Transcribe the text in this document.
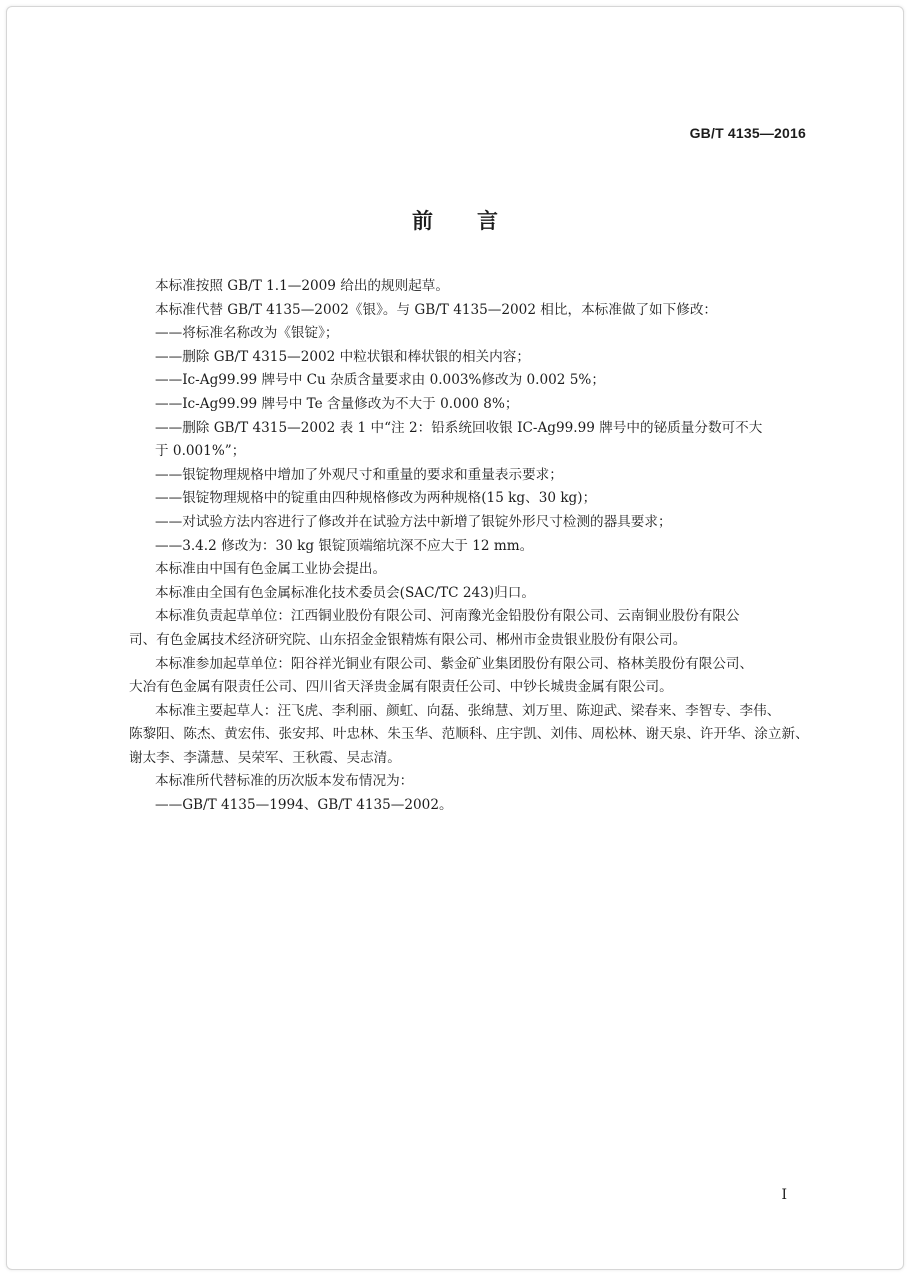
GB/T 4135—2016
前言
本标准按照 GB/T 1.1—2009 给出的规则起草。
本标准代替 GB/T 4135—2002《银》。与 GB/T 4135—2002 相比，本标准做了如下修改：
——将标准名称改为《银锭》；
——删除 GB/T 4315—2002 中粒状银和棒状银的相关内容；
——Ic-Ag99.99 牌号中 Cu 杂质含量要求由 0.003%修改为 0.002 5%；
——Ic-Ag99.99 牌号中 Te 含量修改为不大于 0.000 8%；
——删除 GB/T 4315—2002 表 1 中“注 2：铅系统回收银 IC-Ag99.99 牌号中的铋质量分数可不大
于 0.001%”；
——银锭物理规格中增加了外观尺寸和重量的要求和重量表示要求；
——银锭物理规格中的锭重由四种规格修改为两种规格(15 kg、30 kg)；
——对试验方法内容进行了修改并在试验方法中新增了银锭外形尺寸检测的器具要求；
——3.4.2 修改为：30 kg 银锭顶端缩坑深不应大于 12 mm。
本标准由中国有色金属工业协会提出。
本标准由全国有色金属标准化技术委员会(SAC/TC 243)归口。
本标准负责起草单位：江西铜业股份有限公司、河南豫光金铅股份有限公司、云南铜业股份有限公
司、有色金属技术经济研究院、山东招金金银精炼有限公司、郴州市金贵银业股份有限公司。
本标准参加起草单位：阳谷祥光铜业有限公司、紫金矿业集团股份有限公司、格林美股份有限公司、
大冶有色金属有限责任公司、四川省天泽贵金属有限责任公司、中钞长城贵金属有限公司。
本标准主要起草人：汪飞虎、李利丽、颜虹、向磊、张绵慧、刘万里、陈迎武、梁春来、李智专、李伟、
陈黎阳、陈杰、黄宏伟、张安邦、叶忠林、朱玉华、范顺科、庄宇凯、刘伟、周松林、谢天泉、许开华、涂立新、
谢太李、李潇慧、吴荣军、王秋霞、吴志清。
本标准所代替标准的历次版本发布情况为：
——GB/T 4135—1994、GB/T 4135—2002。
I
